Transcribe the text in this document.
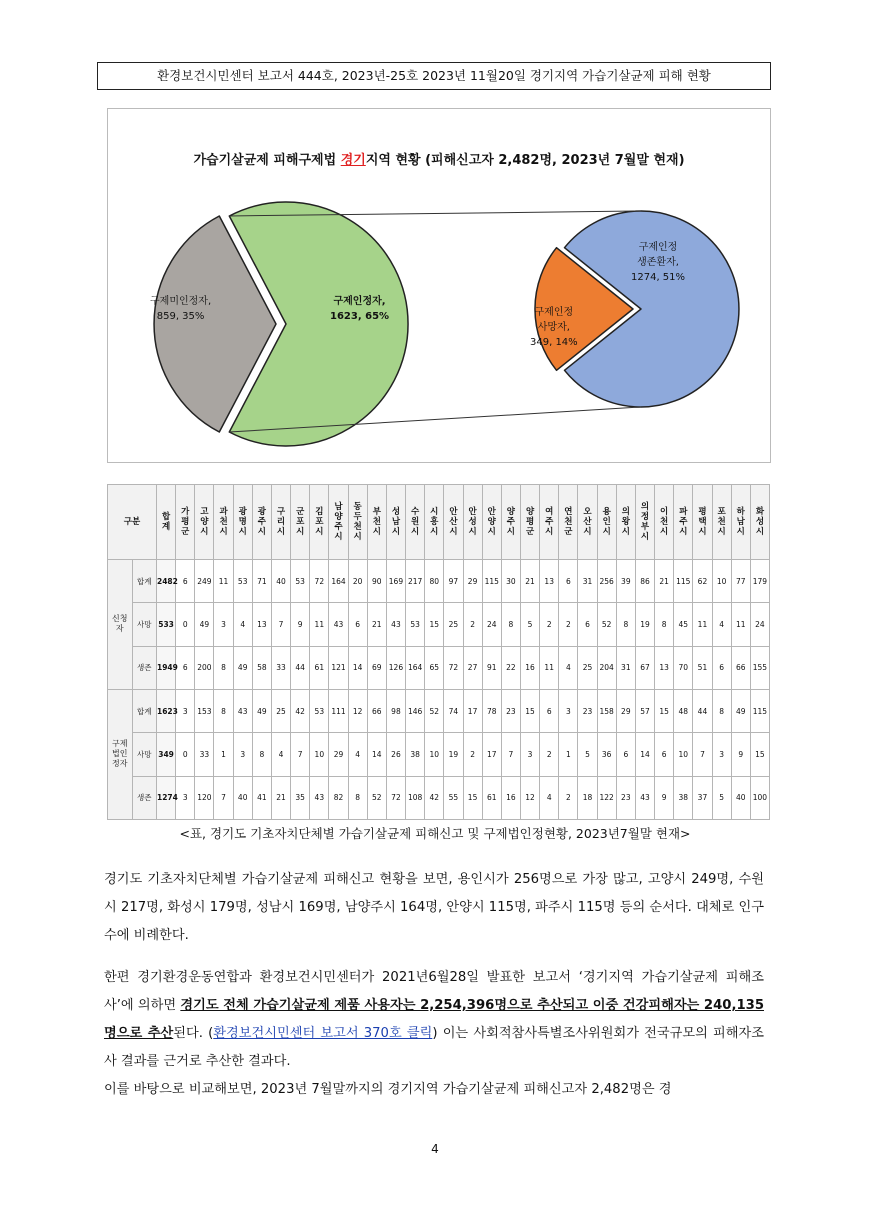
환경보건시민센터 보고서 444호, 2023년-25호 2023년 11월20일 경기지역 가습기살균제 피해 현황
가습기살균제 피해구제법 경기지역 현황 (피해신고자 2,482명, 2023년 7월말 현재)
구제인정자,
1623, 65%
구제미인정자,
859, 35%
구제인정
생존환자,
1274, 51%
구제인정
사망자,
349, 14%
구분		합계	가평군	고양시	과천시	광명시	광주시	구리시	군포시	김포시	남양주시	동두천시	부천시	성남시	수원시	시흥시	안산시	안성시	안양시	양주시	양평군	여주시	연천군	오산시	용인시	의왕시	의정부시	이천시	파주시	평택시	포천시	하남시	화성시
신청자	합계	2482	6	249	11	53	71	40	53	72	164	20	90	169	217	80	97	29	115	30	21	13	6	31	256	39	86	21	115	62	10	77	179
	사망	533	0	49	3	4	13	7	9	11	43	6	21	43	53	15	25	2	24	8	5	2	2	6	52	8	19	8	45	11	4	11	24
	생존	1949	6	200	8	49	58	33	44	61	121	14	69	126	164	65	72	27	91	22	16	11	4	25	204	31	67	13	70	51	6	66	155
구제법인정자	합계	1623	3	153	8	43	49	25	42	53	111	12	66	98	146	52	74	17	78	23	15	6	3	23	158	29	57	15	48	44	8	49	115
	사망	349	0	33	1	3	8	4	7	10	29	4	14	26	38	10	19	2	17	7	3	2	1	5	36	6	14	6	10	7	3	9	15
	생존	1274	3	120	7	40	41	21	35	43	82	8	52	72	108	42	55	15	61	16	12	4	2	18	122	23	43	9	38	37	5	40	100
<표, 경기도 기초자치단체별 가습기살균제 피해신고 및 구제법인정현황, 2023년7월말 현재>
경기도 기초자치단체별 가습기살균제 피해신고 현황을 보면, 용인시가 256명으로 가장 많고, 고양시 249명, 수원시 217명, 화성시 179명, 성남시 169명, 남양주시 164명, 안양시 115명, 파주시 115명 등의 순서다. 대체로 인구수에 비례한다.
한편 경기환경운동연합과 환경보건시민센터가 2021년6월28일 발표한 보고서 ‘경기지역 가습기살균제 피해조사’에 의하면 경기도 전체 가습기살균제 제품 사용자는 2,254,396명으로 추산되고 이중 건강피해자는 240,135명으로 추산된다. (환경보건시민센터 보고서 370호 클릭) 이는 사회적참사특별조사위원회가 전국규모의 피해자조사 결과를 근거로 추산한 결과다.
이를 바탕으로 비교해보면, 2023년 7월말까지의 경기지역 가습기살균제 피해신고자 2,482명은 경
4
